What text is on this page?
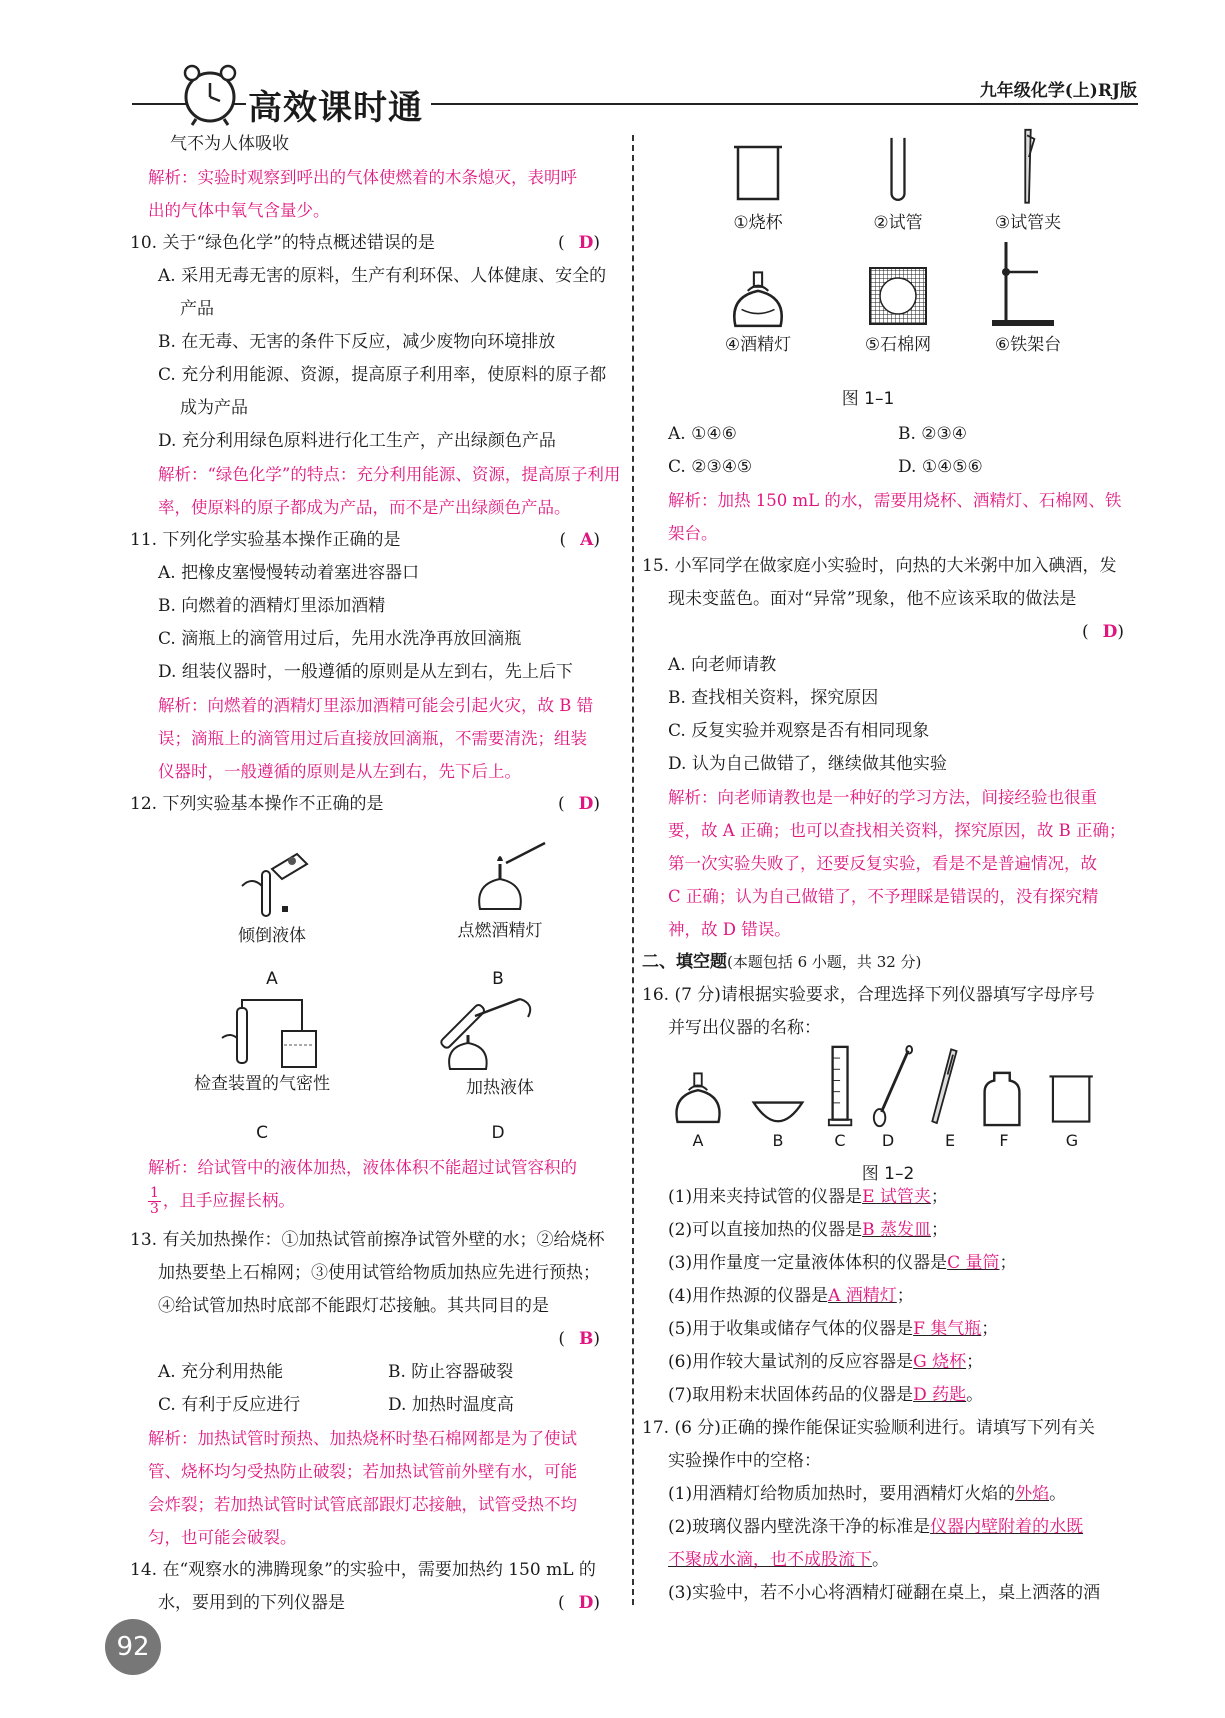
高效课时通	九年级化学(上)RJ版
气不为人体吸收
解析：实验时观察到呼出的气体使燃着的木条熄灭，表明呼
出的气体中氧气含量少。
10. 关于“绿色化学”的特点概述错误的是	(D)
A. 采用无毒无害的原料，生产有利环保、人体健康、安全的
产品
B. 在无毒、无害的条件下反应，减少废物向环境排放
C. 充分利用能源、资源，提高原子利用率，使原料的原子都
成为产品
D. 充分利用绿色原料进行化工生产，产出绿颜色产品
解析：“绿色化学”的特点：充分利用能源、资源，提高原子利用
率，使原料的原子都成为产品，而不是产出绿颜色产品。
11. 下列化学实验基本操作正确的是	(A)
A. 把橡皮塞慢慢转动着塞进容器口
B. 向燃着的酒精灯里添加酒精
C. 滴瓶上的滴管用过后，先用水洗净再放回滴瓶
D. 组装仪器时，一般遵循的原则是从左到右，先上后下
解析：向燃着的酒精灯里添加酒精可能会引起火灾，故 B 错
误；滴瓶上的滴管用过后直接放回滴瓶，不需要清洗；组装
仪器时，一般遵循的原则是从左到右，先下后上。
12. 下列实验基本操作不正确的是	(D)
倾倒液体
A
点燃酒精灯
B
检查装置的气密性
C
加热液体
D
解析：给试管中的液体加热，液体体积不能超过试管容积的
$\frac{1}{3}$ ，且手应握长柄。
13. 有关加热操作：①加热试管前擦净试管外壁的水；②给烧杯
加热要垫上石棉网；③使用试管给物质加热应先进行预热；
④给试管加热时底部不能跟灯芯接触。其共同目的是
(B)
A. 充分利用热能	B. 防止容器破裂
C. 有利于反应进行	D. 加热时温度高
解析：加热试管时预热、加热烧杯时垫石棉网都是为了使试
管、烧杯均匀受热防止破裂；若加热试管前外壁有水，可能
会炸裂；若加热试管时试管底部跟灯芯接触，试管受热不均
匀，也可能会破裂。
14. 在“观察水的沸腾现象”的实验中，需要加热约 150 mL 的
水，要用到的下列仪器是	(D)
①烧杯	②试管	③试管夹
④酒精灯	⑤石棉网	⑥铁架台
图 1–1
A. ①④⑥	B. ②③④
C. ②③④⑤	D. ①④⑤⑥
解析：加热 150 mL 的水，需要用烧杯、酒精灯、石棉网、铁
架台。
15. 小军同学在做家庭小实验时，向热的大米粥中加入碘酒，发
现未变蓝色。面对“异常”现象，他不应该采取的做法是
(D)
A. 向老师请教
B. 查找相关资料，探究原因
C. 反复实验并观察是否有相同现象
D. 认为自己做错了，继续做其他实验
解析：向老师请教也是一种好的学习方法，间接经验也很重
要，故 A 正确；也可以查找相关资料，探究原因，故 B 正确；
第一次实验失败了，还要反复实验，看是不是普遍情况，故
C 正确；认为自己做错了，不予理睬是错误的，没有探究精
神，故 D 错误。
二、填空题(本题包括 6 小题，共 32 分)
16. (7 分)请根据实验要求，合理选择下列仪器填写字母序号
并写出仪器的名称：
A	B	C	D	E	F	G
图 1–2
(1)用来夹持试管的仪器是E 试管夹；
(2)可以直接加热的仪器是B 蒸发皿；
(3)用作量度一定量液体体积的仪器是C 量筒；
(4)用作热源的仪器是A 酒精灯；
(5)用于收集或储存气体的仪器是F 集气瓶；
(6)用作较大量试剂的反应容器是G 烧杯；
(7)取用粉末状固体药品的仪器是D 药匙。
17. (6 分)正确的操作能保证实验顺利进行。请填写下列有关
实验操作中的空格：
(1)用酒精灯给物质加热时，要用酒精灯火焰的外焰。
(2)玻璃仪器内壁洗涤干净的标准是仪器内壁附着的水既
不聚成水滴，也不成股流下。
(3)实验中，若不小心将酒精灯碰翻在桌上，桌上洒落的酒
92
